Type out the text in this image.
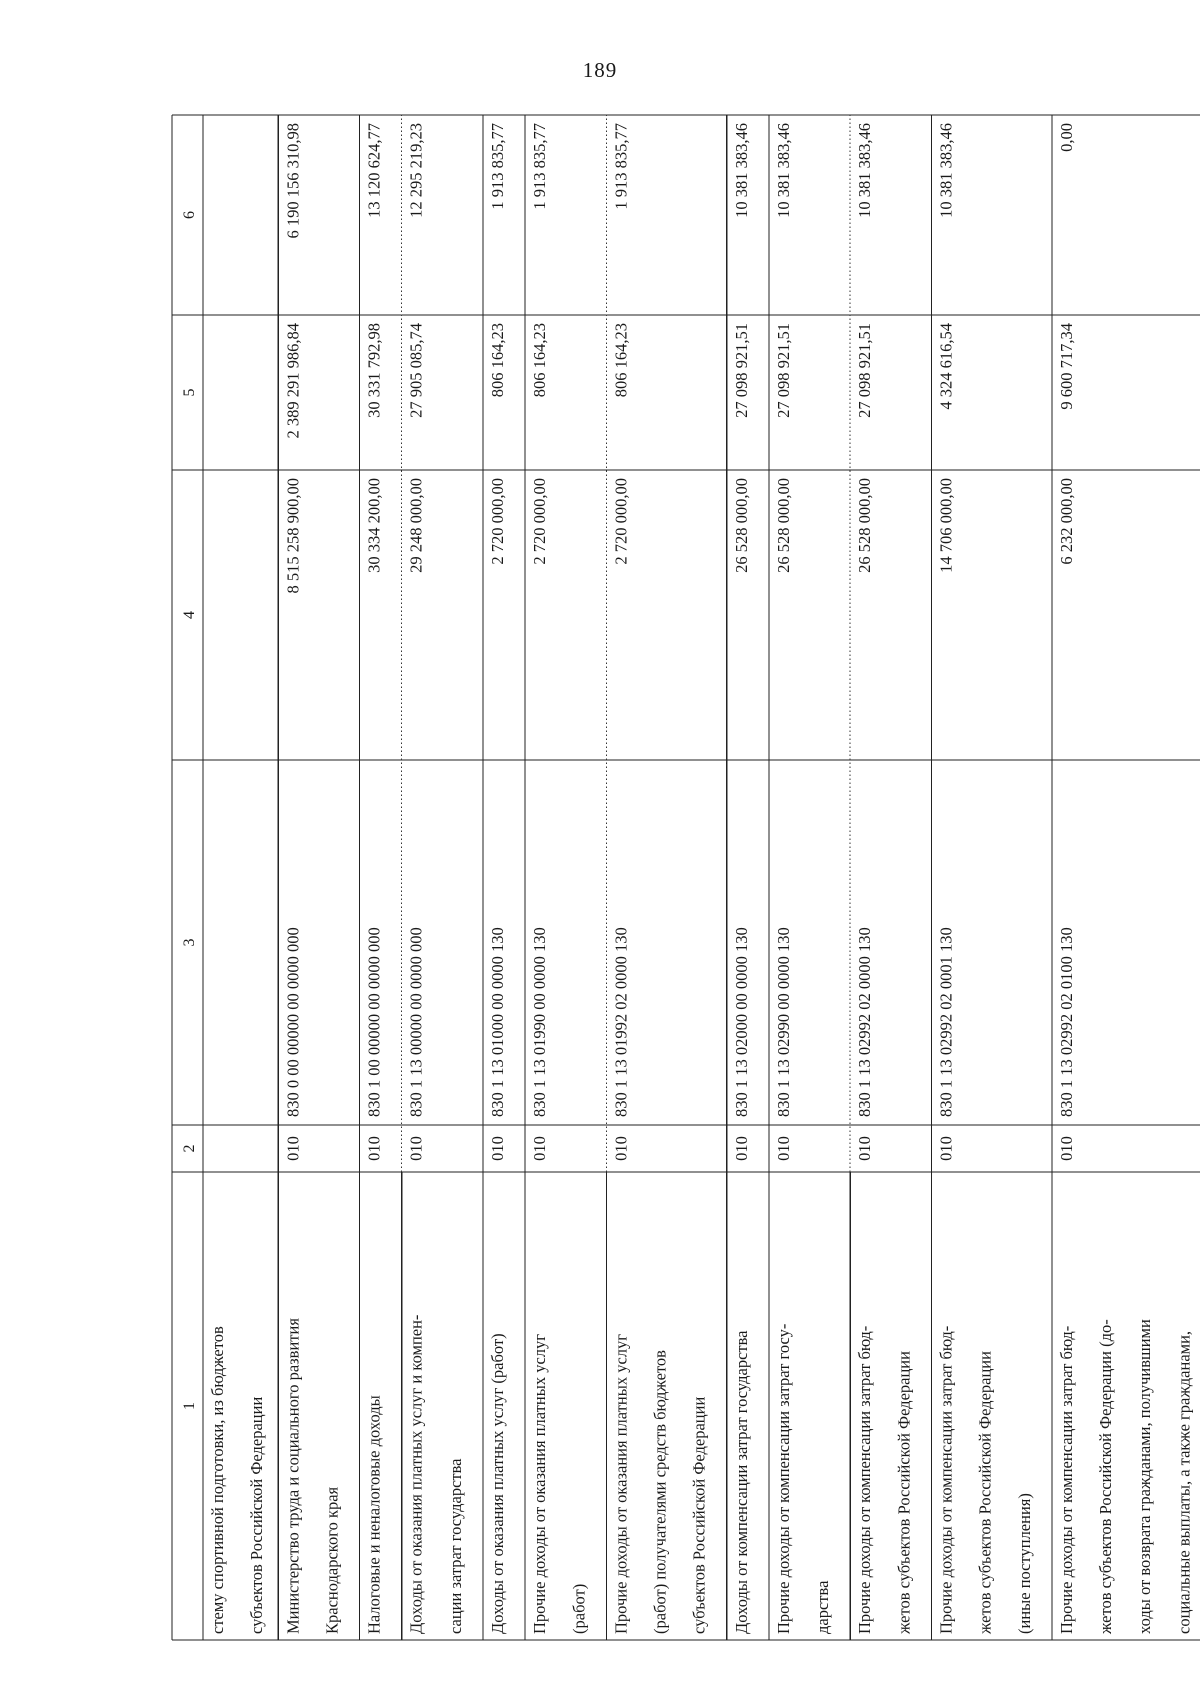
189
1
2
3
4
5
6
стему спортивной подготовки, из бюджетов субъектов Российской Федерации Министерство труда и социального развития Краснодарского края
010
830 0 00 00000 00 0000 000
8 515 258 900,00
2 389 291 986,84
6 190 156 310,98
Налоговые и неналоговые доходы
010
830 1 00 00000 00 0000 000
30 334 200,00
30 331 792,98
13 120 624,77
Доходы от оказания платных услуг и компен- сации затрат государства
010
830 1 13 00000 00 0000 000
29 248 000,00
27 905 085,74
12 295 219,23
Доходы от оказания платных услуг (работ)
010
830 1 13 01000 00 0000 130
2 720 000,00
806 164,23
1 913 835,77
Прочие доходы от оказания платных услуг (работ)
010
830 1 13 01990 00 0000 130
2 720 000,00
806 164,23
1 913 835,77
Прочие доходы от оказания платных услуг (работ) получателями средств бюджетов субъектов Российской Федерации
010
830 1 13 01992 02 0000 130
2 720 000,00
806 164,23
1 913 835,77
Доходы от компенсации затрат государства
010
830 1 13 02000 00 0000 130
26 528 000,00
27 098 921,51
10 381 383,46
Прочие доходы от компенсации затрат госу- дарства
010
830 1 13 02990 00 0000 130
26 528 000,00
27 098 921,51
10 381 383,46
Прочие доходы от компенсации затрат бюд- жетов субъектов Российской Федерации
010
830 1 13 02992 02 0000 130
26 528 000,00
27 098 921,51
10 381 383,46
Прочие доходы от компенсации затрат бюд- жетов субъектов Российской Федерации (иные поступления)
010
830 1 13 02992 02 0001 130
14 706 000,00
4 324 616,54
10 381 383,46
Прочие доходы от компенсации затрат бюд- жетов субъектов Российской Федерации (до- ходы от возврата гражданами, получившими социальные выплаты, а также гражданами,
010
830 1 13 02992 02 0100 130
6 232 000,00
9 600 717,34
0,00
